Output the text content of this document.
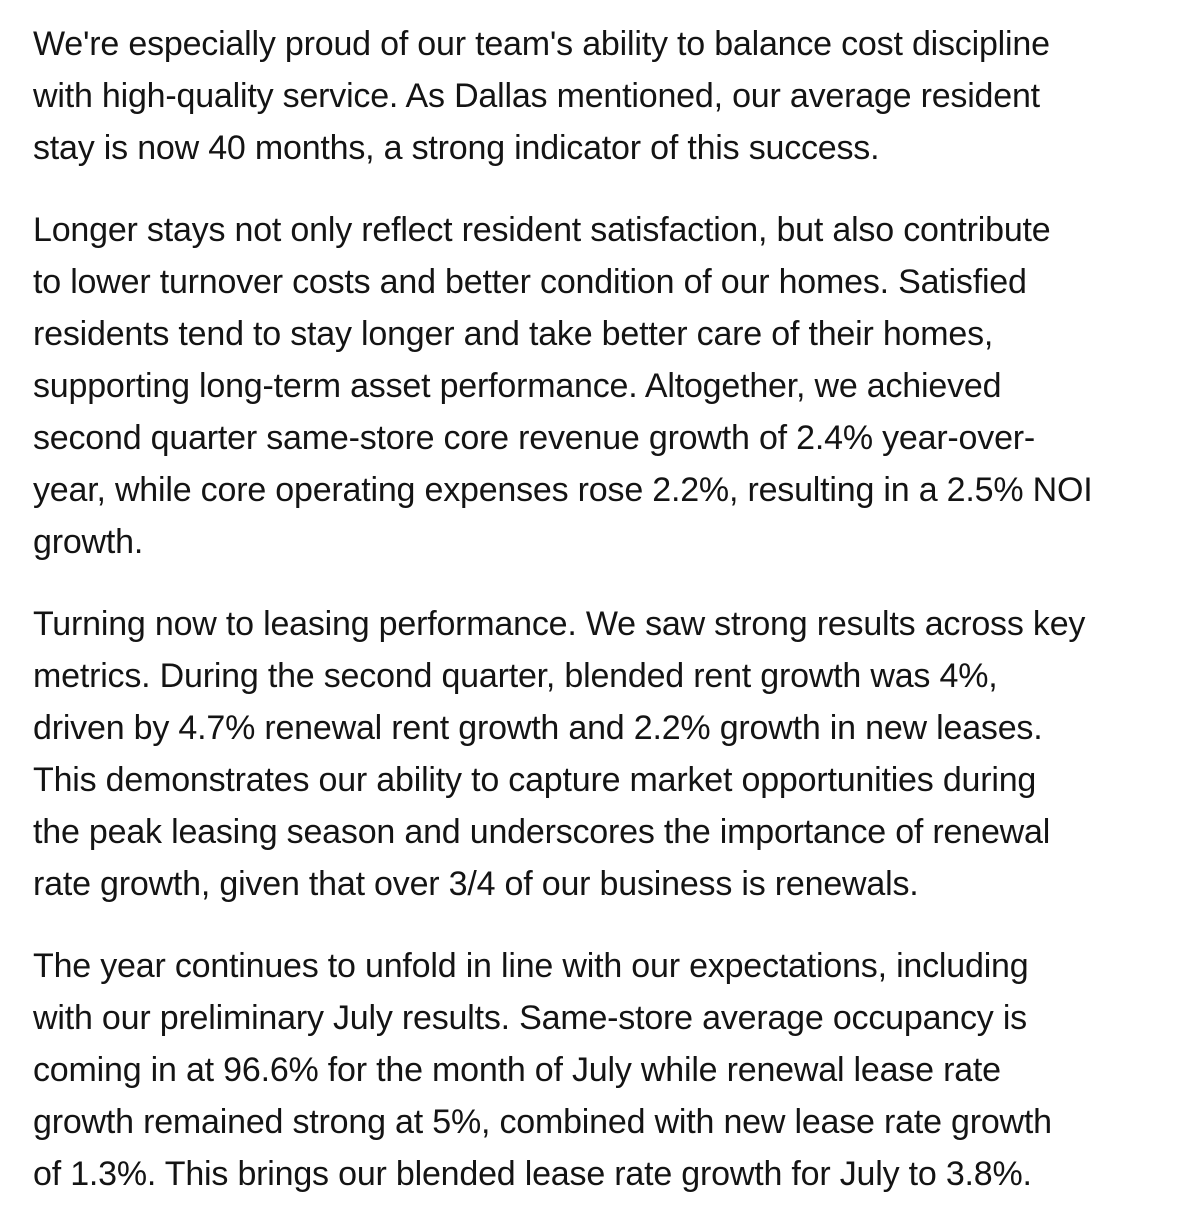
We're especially proud of our team's ability to balance cost discipline
with high-quality service. As Dallas mentioned, our average resident
stay is now 40 months, a strong indicator of this success.

Longer stays not only reflect resident satisfaction, but also contribute
to lower turnover costs and better condition of our homes. Satisfied
residents tend to stay longer and take better care of their homes,
supporting long-term asset performance. Altogether, we achieved
second quarter same-store core revenue growth of 2.4% year-over-
year, while core operating expenses rose 2.2%, resulting in a 2.5% NOI
growth.

Turning now to leasing performance. We saw strong results across key
metrics. During the second quarter, blended rent growth was 4%,
driven by 4.7% renewal rent growth and 2.2% growth in new leases.
This demonstrates our ability to capture market opportunities during
the peak leasing season and underscores the importance of renewal
rate growth, given that over 3/4 of our business is renewals.

The year continues to unfold in line with our expectations, including
with our preliminary July results. Same-store average occupancy is
coming in at 96.6% for the month of July while renewal lease rate
growth remained strong at 5%, combined with new lease rate growth
of 1.3%. This brings our blended lease rate growth for July to 3.8%.
